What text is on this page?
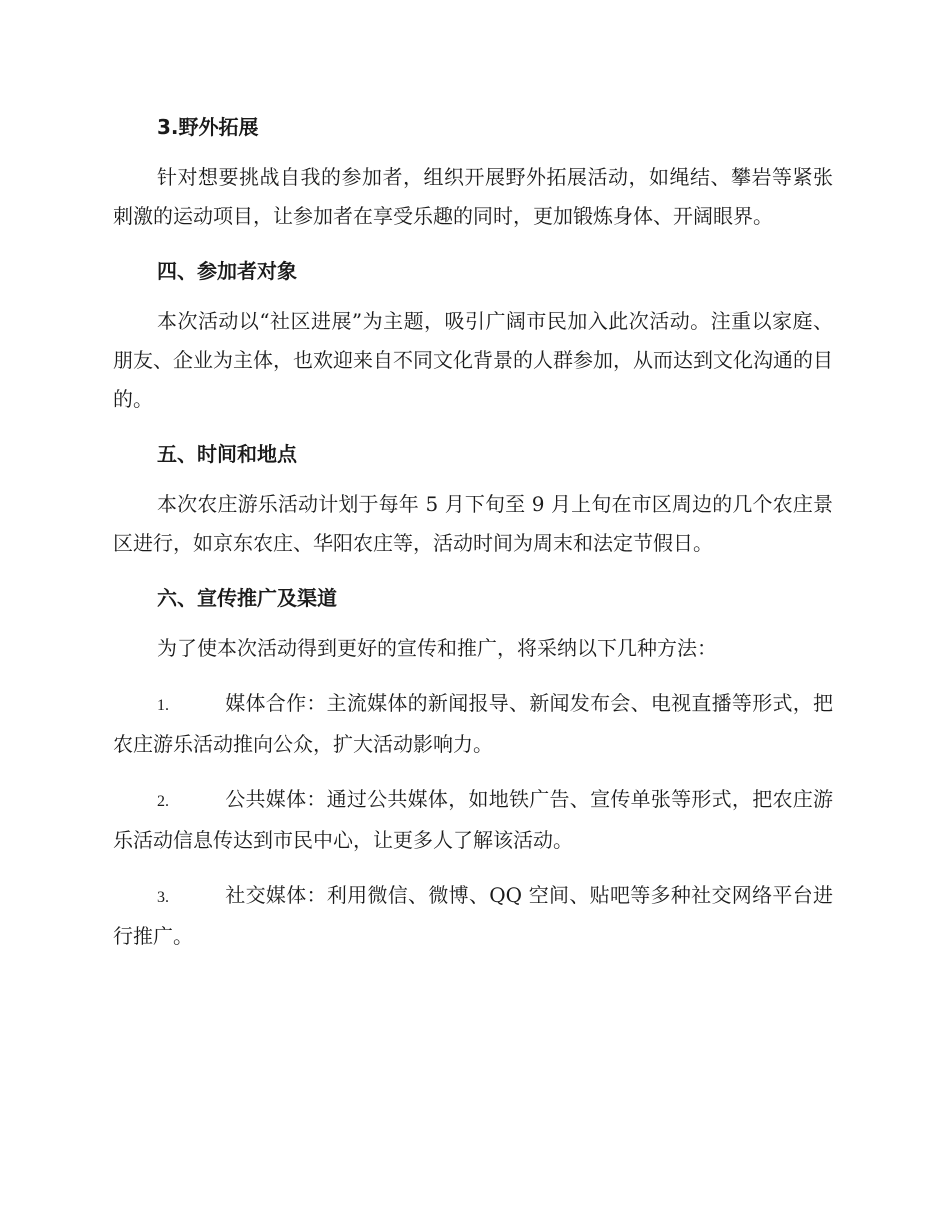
3.野外拓展

针对想要挑战自我的参加者，组织开展野外拓展活动，如绳结、攀岩等紧张刺激的运动项目，让参加者在享受乐趣的同时，更加锻炼身体、开阔眼界。

四、参加者对象

本次活动以“社区进展”为主题，吸引广阔市民加入此次活动。注重以家庭、朋友、企业为主体，也欢迎来自不同文化背景的人群参加，从而达到文化沟通的目的。

五、时间和地点

本次农庄游乐活动计划于每年 5 月下旬至 9 月上旬在市区周边的几个农庄景区进行，如京东农庄、华阳农庄等，活动时间为周末和法定节假日。

六、宣传推广及渠道

为了使本次活动得到更好的宣传和推广，将采纳以下几种方法：

1.	媒体合作：主流媒体的新闻报导、新闻发布会、电视直播等形式，把农庄游乐活动推向公众，扩大活动影响力。

2.	公共媒体：通过公共媒体，如地铁广告、宣传单张等形式，把农庄游乐活动信息传达到市民中心，让更多人了解该活动。

3.	社交媒体：利用微信、微博、QQ 空间、贴吧等多种社交网络平台进行推广。
